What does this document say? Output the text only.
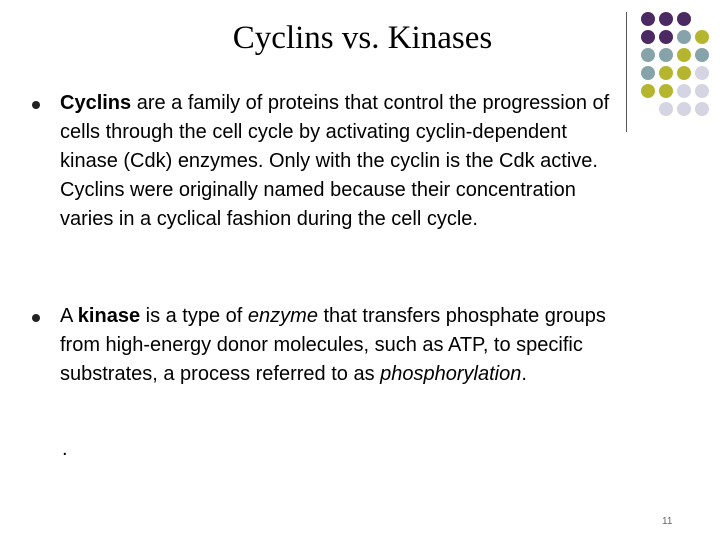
Cyclins vs. Kinases
Cyclins are a family of proteins that control the progression of cells through the cell cycle by activating cyclin-dependent kinase (Cdk) enzymes. Only with the cyclin is the Cdk active. Cyclins were originally named because their concentration varies in a cyclical fashion during the cell cycle.
A kinase is a type of enzyme that transfers phosphate groups from high-energy donor molecules, such as ATP, to specific substrates, a process referred to as phosphorylation.
.
11
